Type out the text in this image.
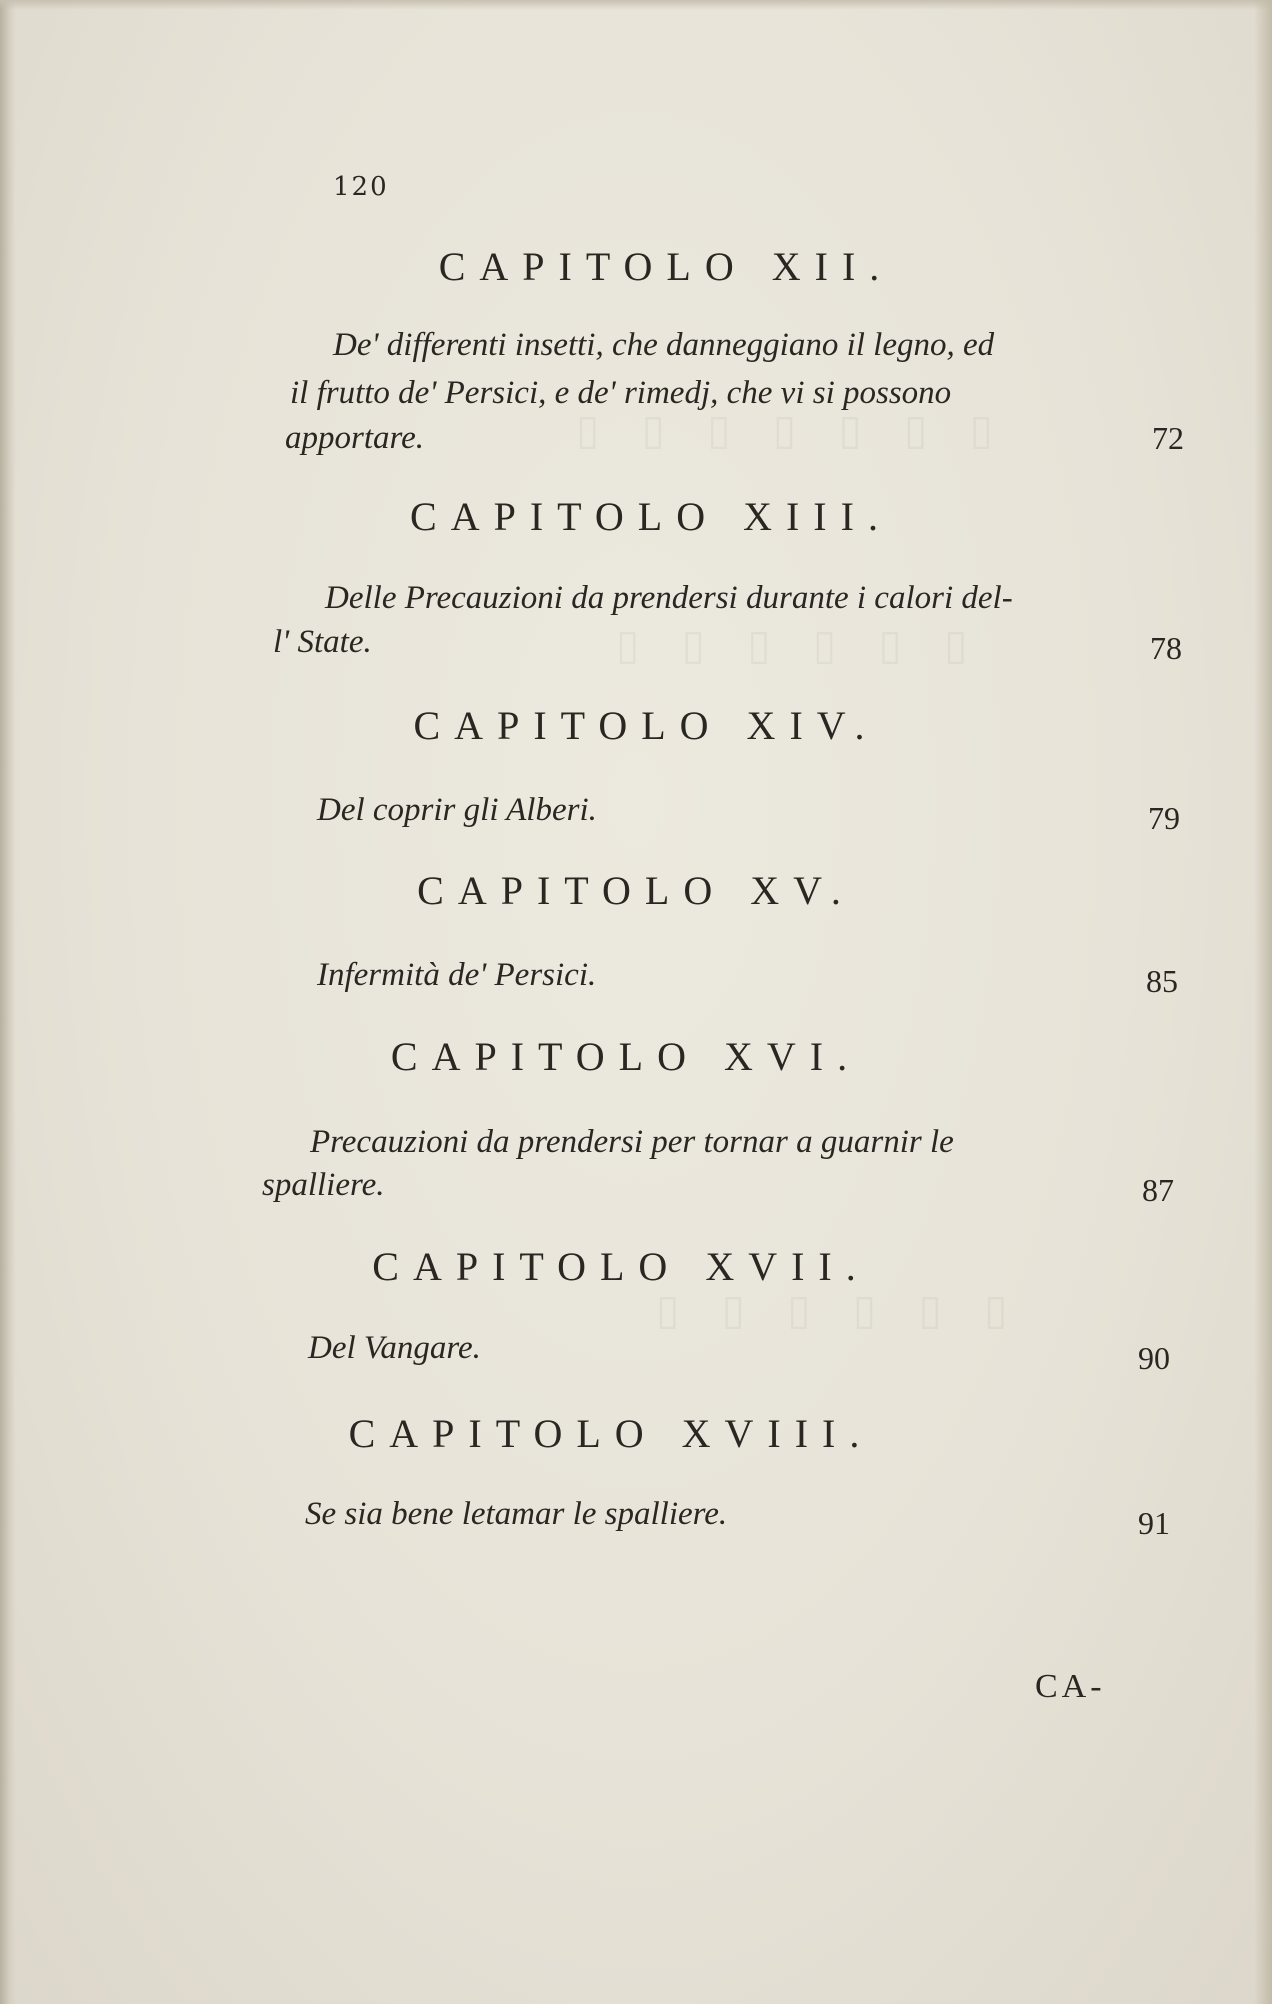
▯ ▯ ▯ ▯ ▯ ▯ ▯
▯ ▯ ▯ ▯ ▯ ▯
▯ ▯ ▯ ▯ ▯ ▯
120
CAPITOLO XII.
De' differenti insetti, che danneggiano il legno, ed
il frutto de' Persici, e de' rimedj, che vi si possono
apportare.	72
CAPITOLO XIII.
Delle Precauzioni da prendersi durante i calori del-
l' State.	78
CAPITOLO XIV.
Del coprir gli Alberi.	79
CAPITOLO XV.
Infermità de' Persici.	85
CAPITOLO XVI.
Precauzioni da prendersi per tornar a guarnir le
spalliere.	87
CAPITOLO XVII.
Del Vangare.	90
CAPITOLO XVIII.
Se sia bene letamar le spalliere.	91
CA-
